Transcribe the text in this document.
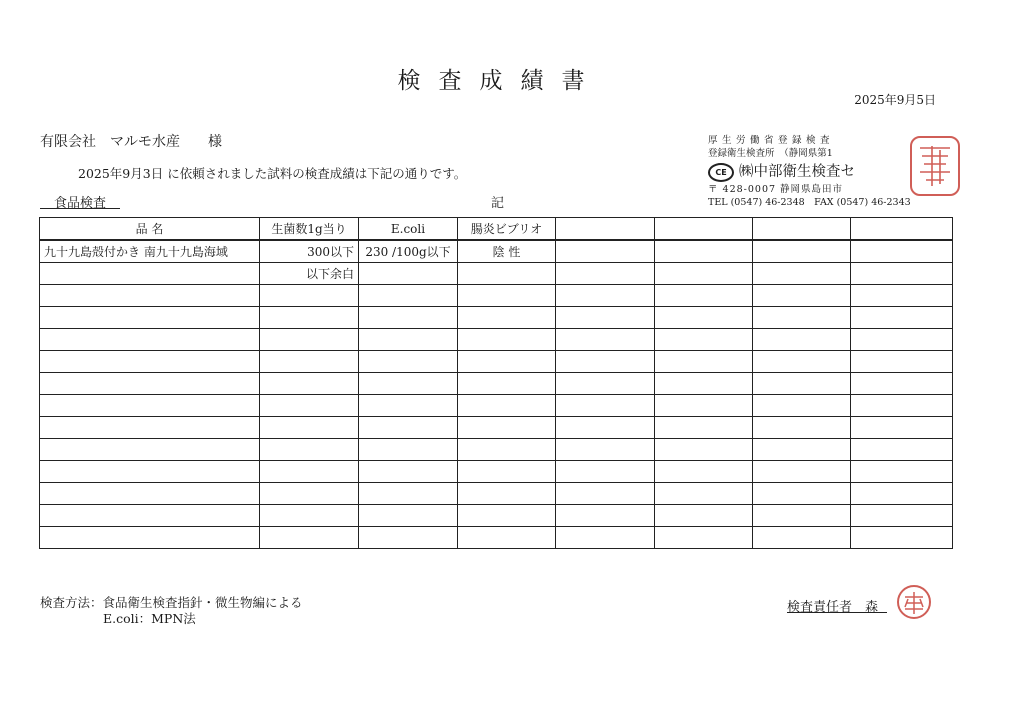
検査成績書
2025年9月5日
有限会社　マルモ水産　　様
2025年9月3日 に依頼されました試料の検査成績は下記の通りです。
食品検査	記
厚生労働省登録検査
登録衛生検査所　（静岡県第1
CE ㈱中部衛生検査セ
〒 428-0007 静岡県島田市
TEL (0547) 46-2348　FAX (0547) 46-2343
品 名	生菌数1g当り	E.coli	腸炎ビブリオ				
九十九島殻付かき 南九十九島海域	300以下	230 /100g以下	陰 性				
	以下余白						

検査方法：食品衛生検査指針・微生物編による
E.coli：MPN法
検査責任者　森
